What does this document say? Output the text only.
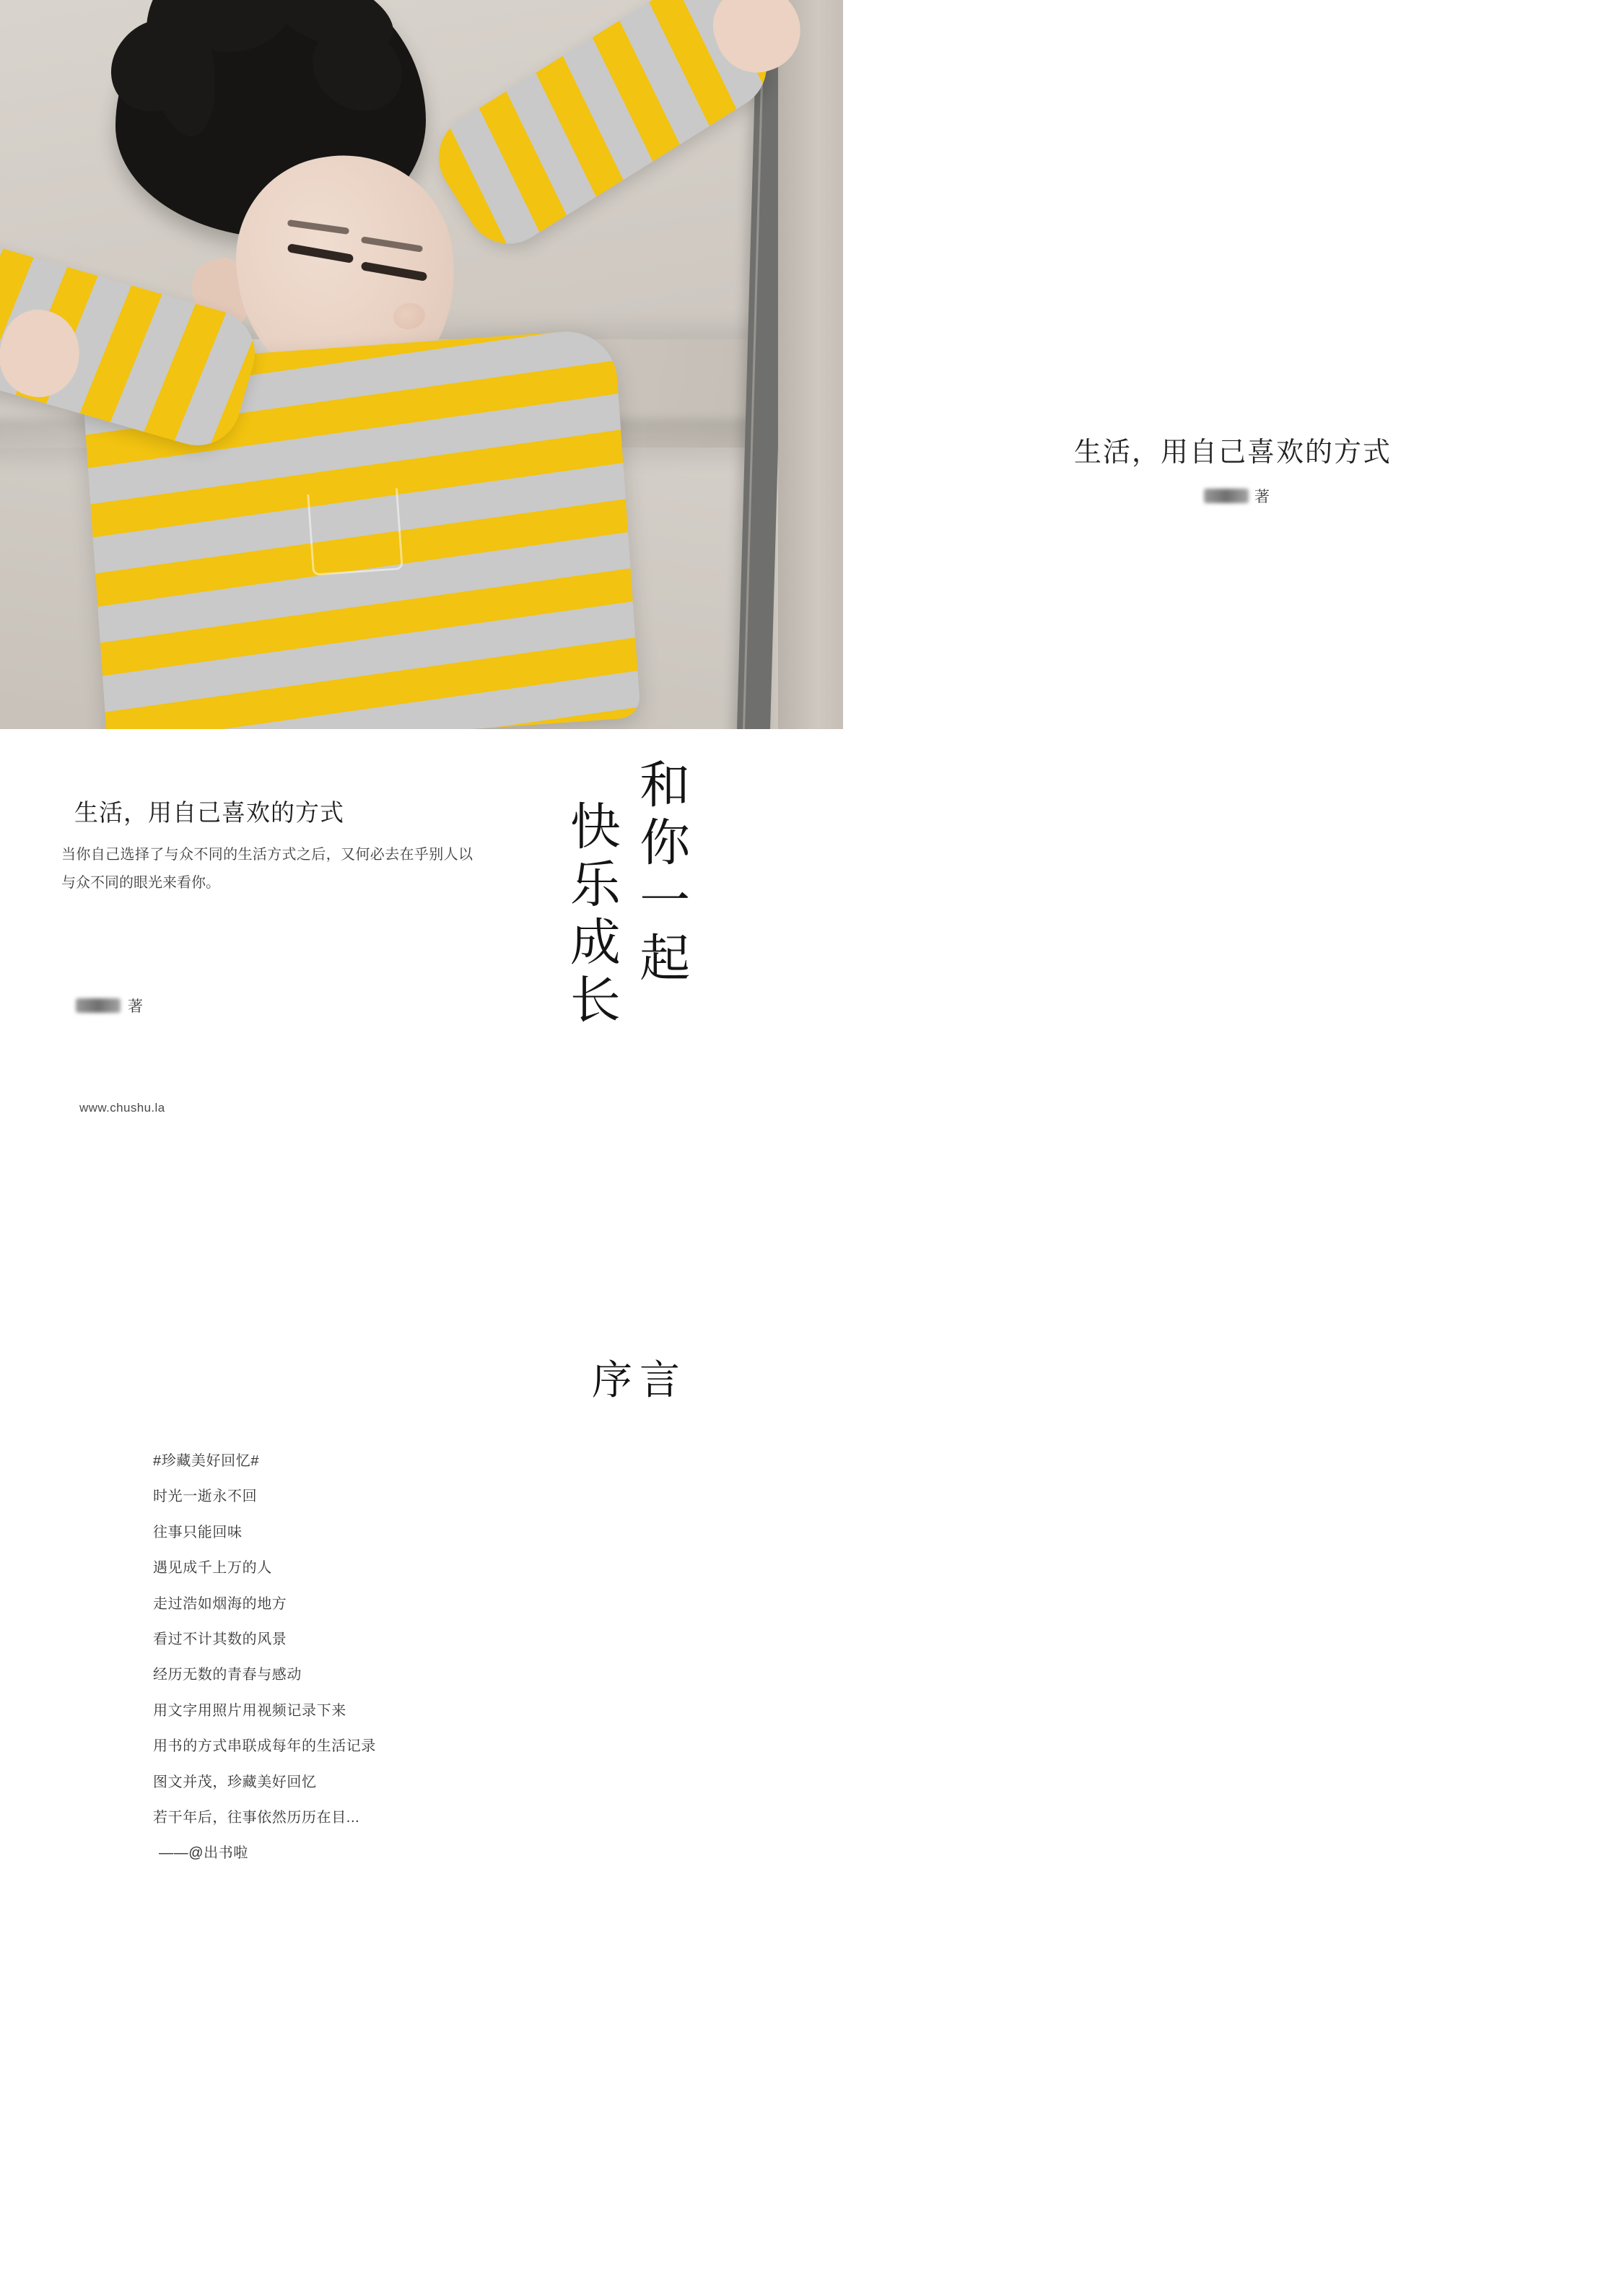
生活，用自己喜欢的方式
著
生活，用自己喜欢的方式
当你自己选择了与众不同的生活方式之后，又何必去在乎别人以与众不同的眼光来看你。
著
www.chushu.la
和你一起
快乐成长
序言
#珍藏美好回忆#
时光一逝永不回
往事只能回味
遇见成千上万的人
走过浩如烟海的地方
看过不计其数的风景
经历无数的青春与感动
用文字用照片用视频记录下来
用书的方式串联成每年的生活记录
图文并茂，珍藏美好回忆
若干年后，往事依然历历在目...
——@出书啦
